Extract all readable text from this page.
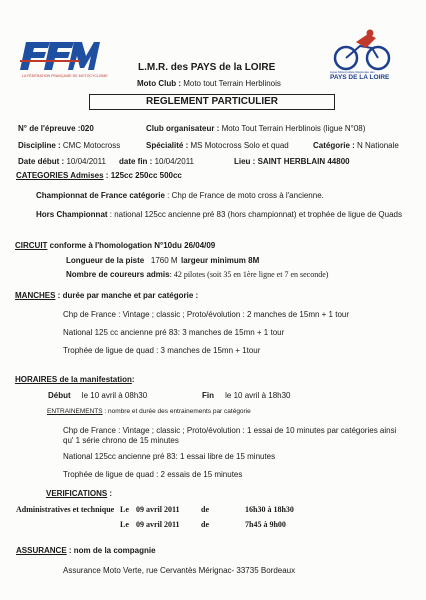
LA FÉDÉRATION FRANÇAISE DE MOTOCYCLISME
Ligue Motocycliste Régionale des
PAYS DE LA LOIRE
L.M.R. des PAYS de la LOIRE
Moto Club : Moto tout Terrain Herblinois
REGLEMENT PARTICULIER
N° de l'épreuve :020	Club organisateur : Moto Tout Terrain Herblinois (ligue N°08)
Discipline : CMC Motocross	Spécialité : MS Motocross Solo et quad	Catégorie : N Nationale
Date début : 10/04/2011 date fin : 10/04/2011	Lieu : SAINT HERBLAIN 44800
CATEGORIES Admises : 125cc 250cc 500cc
Championnat de France catégorie : Chp de France de moto cross à l'ancienne.
Hors Championnat : national 125cc ancienne pré 83 (hors championnat) et trophée de ligue de Quads
CIRCUIT conforme à l'homologation N°10du 26/04/09
Longueur de la piste 1760 M largeur minimum 8M
Nombre de coureurs admis: 42 pilotes (soit 35 en 1ère ligne et 7 en seconde)
MANCHES : durée par manche et par catégorie :
Chp de France : Vintage ; classic ; Proto/évolution : 2 manches de 15mn + 1 tour
National 125 cc ancienne pré 83: 3 manches de 15mn + 1 tour
Trophée de ligue de quad : 3 manches de 15mn + 1tour
HORAIRES de la manifestation:
Début le 10 avril à 08h30	Fin le 10 avril à 18h30
ENTRAINEMENTS : nombre et durée des entrainements par catégorie
Chp de France : Vintage ; classic ; Proto/évolution : 1 essai de 10 minutes par catégories ainsi
qu' 1 série chrono de 15 minutes
National 125cc ancienne pré 83: 1 essai libre de 15 minutes
Trophée de ligue de quad : 2 essais de 15 minutes
VERIFICATIONS :
Administratives et technique Le 09 avril 2011	de	16h30 à 18h30
Le 09 avril 2011	de	7h45 à 9h00
ASSURANCE : nom de la compagnie
Assurance Moto Verte, rue Cervantès Mérignac- 33735 Bordeaux
